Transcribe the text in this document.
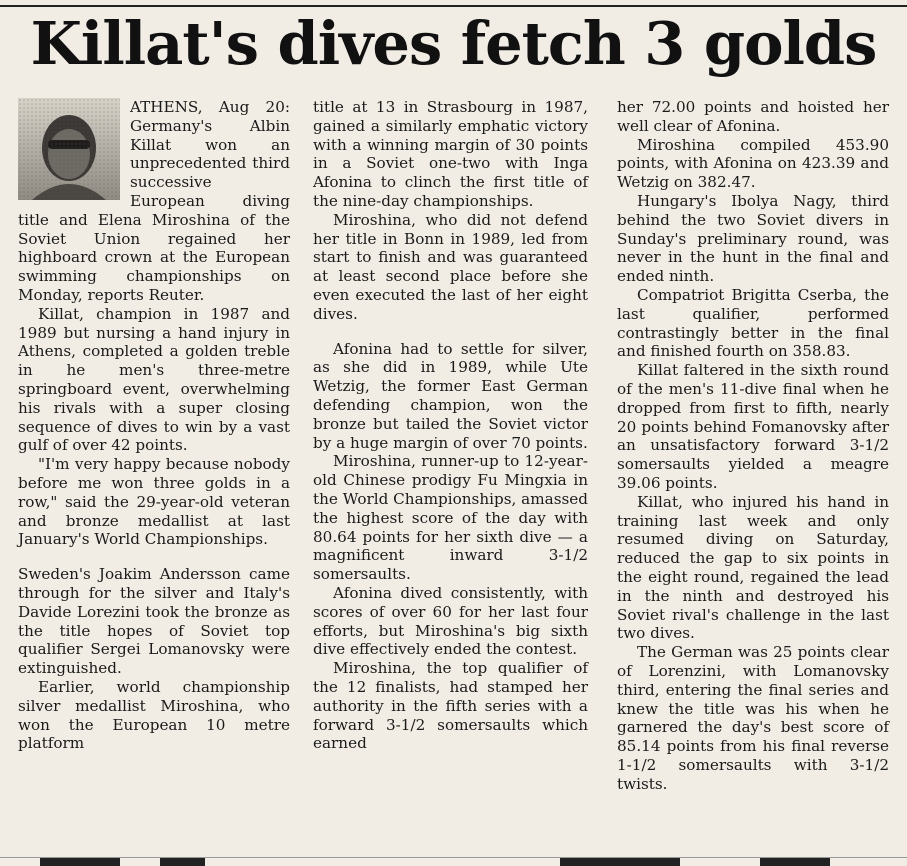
Killat's dives fetch 3 golds

ATHENS, Aug 20: Germany's Albin Killat won an unprecedented third successive European diving title and Elena Miroshina of the Soviet Union regained her highboard crown at the European swimming championships on Monday, reports Reuter.

Killat, champion in 1987 and 1989 but nursing a hand injury in Athens, completed a golden treble in he men's three-metre springboard event, overwhelming his rivals with a super closing sequence of dives to win by a vast gulf of over 42 points.

"I'm very happy because nobody before me won three golds in a row," said the 29-year-old veteran and bronze medallist at last January's World Championships.

Sweden's Joakim Andersson came through for the silver and Italy's Davide Lorezini took the bronze as the title hopes of Soviet top qualifier Sergei Lomanovsky were extinguished.

Earlier, world championship silver medallist Miroshina, who won the European 10 metre platform

title at 13 in Strasbourg in 1987, gained a similarly emphatic victory with a winning margin of 30 points in a Soviet one-two with Inga Afonina to clinch the first title of the nine-day championships.

Miroshina, who did not defend her title in Bonn in 1989, led from start to finish and was guaranteed at least second place before she even executed the last of her eight dives.

Afonina had to settle for silver, as she did in 1989, while Ute Wetzig, the former East German defending champion, won the bronze but tailed the Soviet victor by a huge margin of over 70 points.

Miroshina, runner-up to 12-year-old Chinese prodigy Fu Mingxia in the World Championships, amassed the highest score of the day with 80.64 points for her sixth dive — a magnificent inward 3-1/2 somersaults.

Afonina dived consistently, with scores of over 60 for her last four efforts, but Miroshina's big sixth dive effectively ended the contest.

Miroshina, the top qualifier of the 12 finalists, had stamped her authority in the fifth series with a forward 3-1/2 somersaults which earned

her 72.00 points and hoisted her well clear of Afonina.

Miroshina compiled 453.90 points, with Afonina on 423.39 and Wetzig on 382.47.

Hungary's Ibolya Nagy, third behind the two Soviet divers in Sunday's preliminary round, was never in the hunt in the final and ended ninth.

Compatriot Brigitta Cserba, the last qualifier, performed contrastingly better in the final and finished fourth on 358.83.

Killat faltered in the sixth round of the men's 11-dive final when he dropped from first to fifth, nearly 20 points behind Fomanovsky after an unsatisfactory forward 3-1/2 somersaults yielded a meagre 39.06 points.

Killat, who injured his hand in training last week and only resumed diving on Saturday, reduced the gap to six points in the eight round, regained the lead in the ninth and destroyed his Soviet rival's challenge in the last two dives.

The German was 25 points clear of Lorenzini, with Lomanovsky third, entering the final series and knew the title was his when he garnered the day's best score of 85.14 points from his final reverse 1-1/2 somersaults with 3-1/2 twists.
